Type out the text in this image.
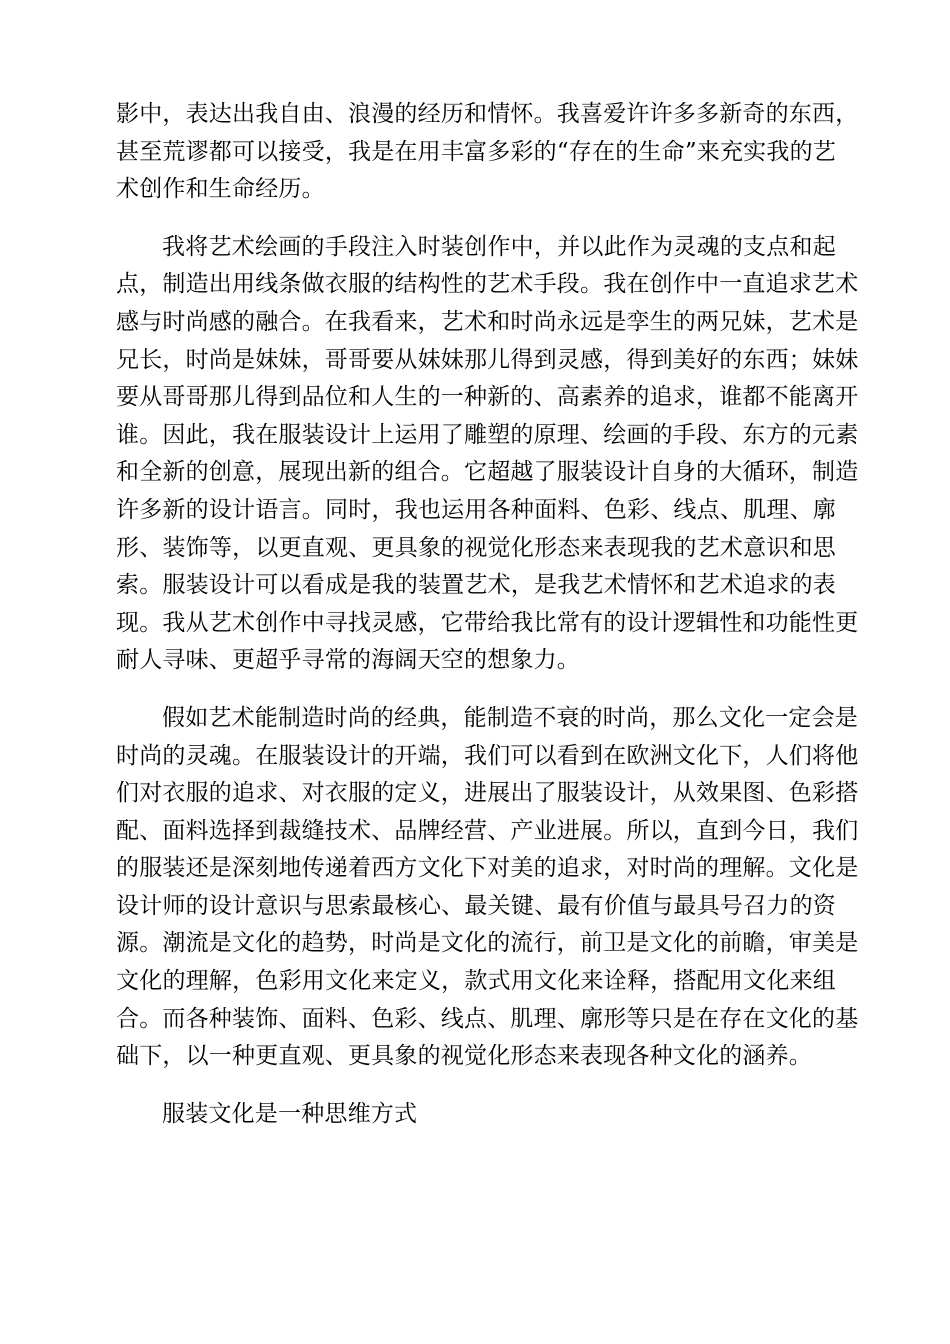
影中，表达出我自由、浪漫的经历和情怀。我喜爱许许多多新奇的东西，
甚至荒谬都可以接受，我是在用丰富多彩的“存在的生命”来充实我的艺
术创作和生命经历。
我将艺术绘画的手段注入时装创作中，并以此作为灵魂的支点和起
点，制造出用线条做衣服的结构性的艺术手段。我在创作中一直追求艺术
感与时尚感的融合。在我看来，艺术和时尚永远是孪生的两兄妹，艺术是
兄长，时尚是妹妹，哥哥要从妹妹那儿得到灵感，得到美好的东西；妹妹
要从哥哥那儿得到品位和人生的一种新的、高素养的追求，谁都不能离开
谁。因此，我在服装设计上运用了雕塑的原理、绘画的手段、东方的元素
和全新的创意，展现出新的组合。它超越了服装设计自身的大循环，制造
许多新的设计语言。同时，我也运用各种面料、色彩、线点、肌理、廓
形、装饰等，以更直观、更具象的视觉化形态来表现我的艺术意识和思
索。服装设计可以看成是我的装置艺术，是我艺术情怀和艺术追求的表
现。我从艺术创作中寻找灵感，它带给我比常有的设计逻辑性和功能性更
耐人寻味、更超乎寻常的海阔天空的想象力。
假如艺术能制造时尚的经典，能制造不衰的时尚，那么文化一定会是
时尚的灵魂。在服装设计的开端，我们可以看到在欧洲文化下，人们将他
们对衣服的追求、对衣服的定义，进展出了服装设计，从效果图、色彩搭
配、面料选择到裁缝技术、品牌经营、产业进展。所以，直到今日，我们
的服装还是深刻地传递着西方文化下对美的追求，对时尚的理解。文化是
设计师的设计意识与思索最核心、最关键、最有价值与最具号召力的资
源。潮流是文化的趋势，时尚是文化的流行，前卫是文化的前瞻，审美是
文化的理解，色彩用文化来定义，款式用文化来诠释，搭配用文化来组
合。而各种装饰、面料、色彩、线点、肌理、廓形等只是在存在文化的基
础下，以一种更直观、更具象的视觉化形态来表现各种文化的涵养。
服装文化是一种思维方式
